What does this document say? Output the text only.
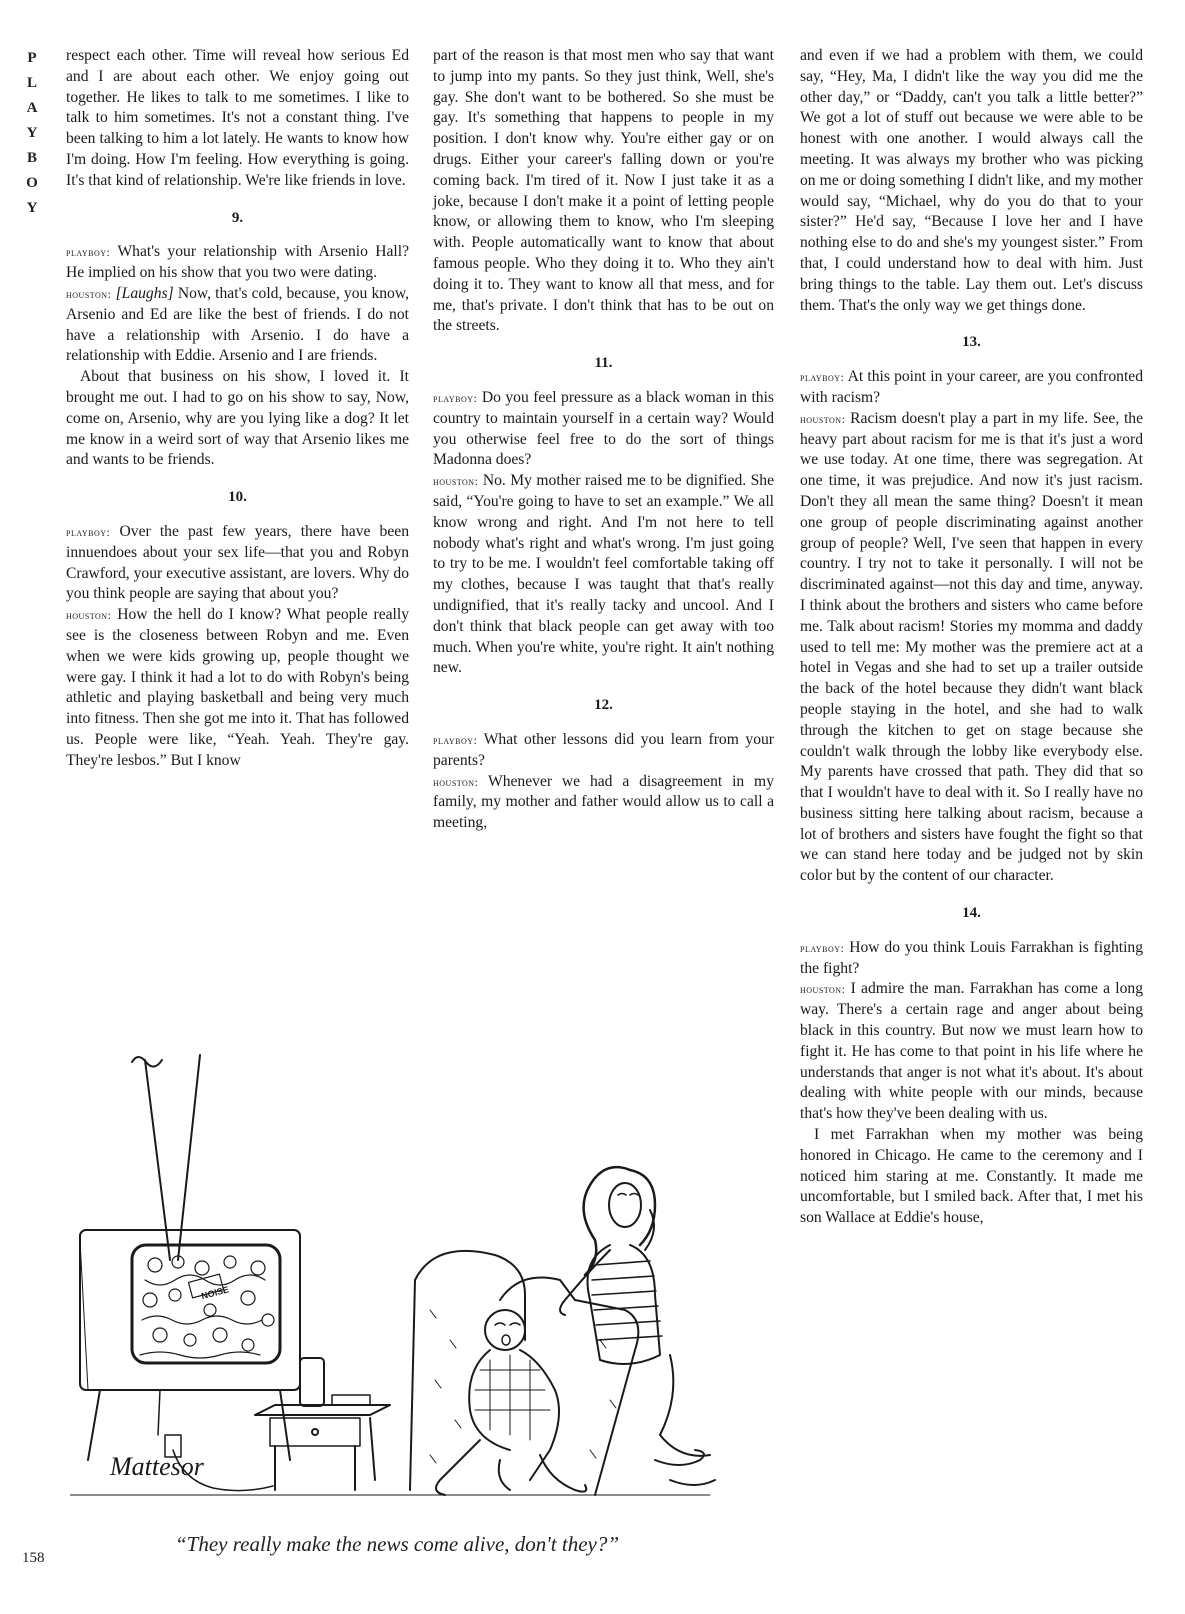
P
L
A
Y
B
O
Y

respect each other. Time will reveal how serious Ed and I are about each other. We enjoy going out together. He likes to talk to me sometimes. I like to talk to him sometimes. It's not a constant thing. I've been talking to him a lot lately. He wants to know how I'm doing. How I'm feeling. How everything is going. It's that kind of relationship. We're like friends in love.

9.

playboy: What's your relationship with Arsenio Hall? He implied on his show that you two were dating.

houston: [Laughs] Now, that's cold, because, you know, Arsenio and Ed are like the best of friends. I do not have a relationship with Arsenio. I do have a relationship with Eddie. Arsenio and I are friends.

About that business on his show, I loved it. It brought me out. I had to go on his show to say, Now, come on, Arsenio, why are you lying like a dog? It let me know in a weird sort of way that Arsenio likes me and wants to be friends.

10.

playboy: Over the past few years, there have been innuendoes about your sex life—that you and Robyn Crawford, your executive assistant, are lovers. Why do you think people are saying that about you?

houston: How the hell do I know? What people really see is the closeness between Robyn and me. Even when we were kids growing up, people thought we were gay. I think it had a lot to do with Robyn's being athletic and playing basketball and being very much into fitness. Then she got me into it. That has followed us. People were like, “Yeah. Yeah. They're gay. They're lesbos.” But I know

part of the reason is that most men who say that want to jump into my pants. So they just think, Well, she's gay. She don't want to be bothered. So she must be gay. It's something that happens to people in my position. I don't know why. You're either gay or on drugs. Either your career's falling down or you're coming back. I'm tired of it. Now I just take it as a joke, because I don't make it a point of letting people know, or allowing them to know, who I'm sleeping with. People automatically want to know that about famous people. Who they doing it to. Who they ain't doing it to. They want to know all that mess, and for me, that's private. I don't think that has to be out on the streets.

11.

playboy: Do you feel pressure as a black woman in this country to maintain yourself in a certain way? Would you otherwise feel free to do the sort of things Madonna does?

houston: No. My mother raised me to be dignified. She said, “You're going to have to set an example.” We all know wrong and right. And I'm not here to tell nobody what's right and what's wrong. I'm just going to try to be me. I wouldn't feel comfortable taking off my clothes, because I was taught that that's really undignified, that it's really tacky and uncool. And I don't think that black people can get away with too much. When you're white, you're right. It ain't nothing new.

12.

playboy: What other lessons did you learn from your parents?

houston: Whenever we had a disagreement in my family, my mother and father would allow us to call a meeting,

and even if we had a problem with them, we could say, “Hey, Ma, I didn't like the way you did me the other day,” or “Daddy, can't you talk a little better?” We got a lot of stuff out because we were able to be honest with one another. I would always call the meeting. It was always my brother who was picking on me or doing something I didn't like, and my mother would say, “Michael, why do you do that to your sister?” He'd say, “Because I love her and I have nothing else to do and she's my youngest sister.” From that, I could understand how to deal with him. Just bring things to the table. Lay them out. Let's discuss them. That's the only way we get things done.

13.

playboy: At this point in your career, are you confronted with racism?

houston: Racism doesn't play a part in my life. See, the heavy part about racism for me is that it's just a word we use today. At one time, there was segregation. At one time, it was prejudice. And now it's just racism. Don't they all mean the same thing? Doesn't it mean one group of people discriminating against another group of people? Well, I've seen that happen in every country. I try not to take it personally. I will not be discriminated against—not this day and time, anyway. I think about the brothers and sisters who came before me. Talk about racism! Stories my momma and daddy used to tell me: My mother was the premiere act at a hotel in Vegas and she had to set up a trailer outside the back of the hotel because they didn't want black people staying in the hotel, and she had to walk through the kitchen to get on stage because she couldn't walk through the lobby like everybody else. My parents have crossed that path. They did that so that I wouldn't have to deal with it. So I really have no business sitting here talking about racism, because a lot of brothers and sisters have fought the fight so that we can stand here today and be judged not by skin color but by the content of our character.

14.

playboy: How do you think Louis Farrakhan is fighting the fight?

houston: I admire the man. Farrakhan has come a long way. There's a certain rage and anger about being black in this country. But now we must learn how to fight it. He has come to that point in his life where he understands that anger is not what it's about. It's about dealing with white people with our minds, because that's how they've been dealing with us.

I met Farrakhan when my mother was being honored in Chicago. He came to the ceremony and I noticed him staring at me. Constantly. It made me uncomfortable, but I smiled back. After that, I met his son Wallace at Eddie's house,

NOISE
Mattesor
“They really make the news come alive, don't they?”
158
